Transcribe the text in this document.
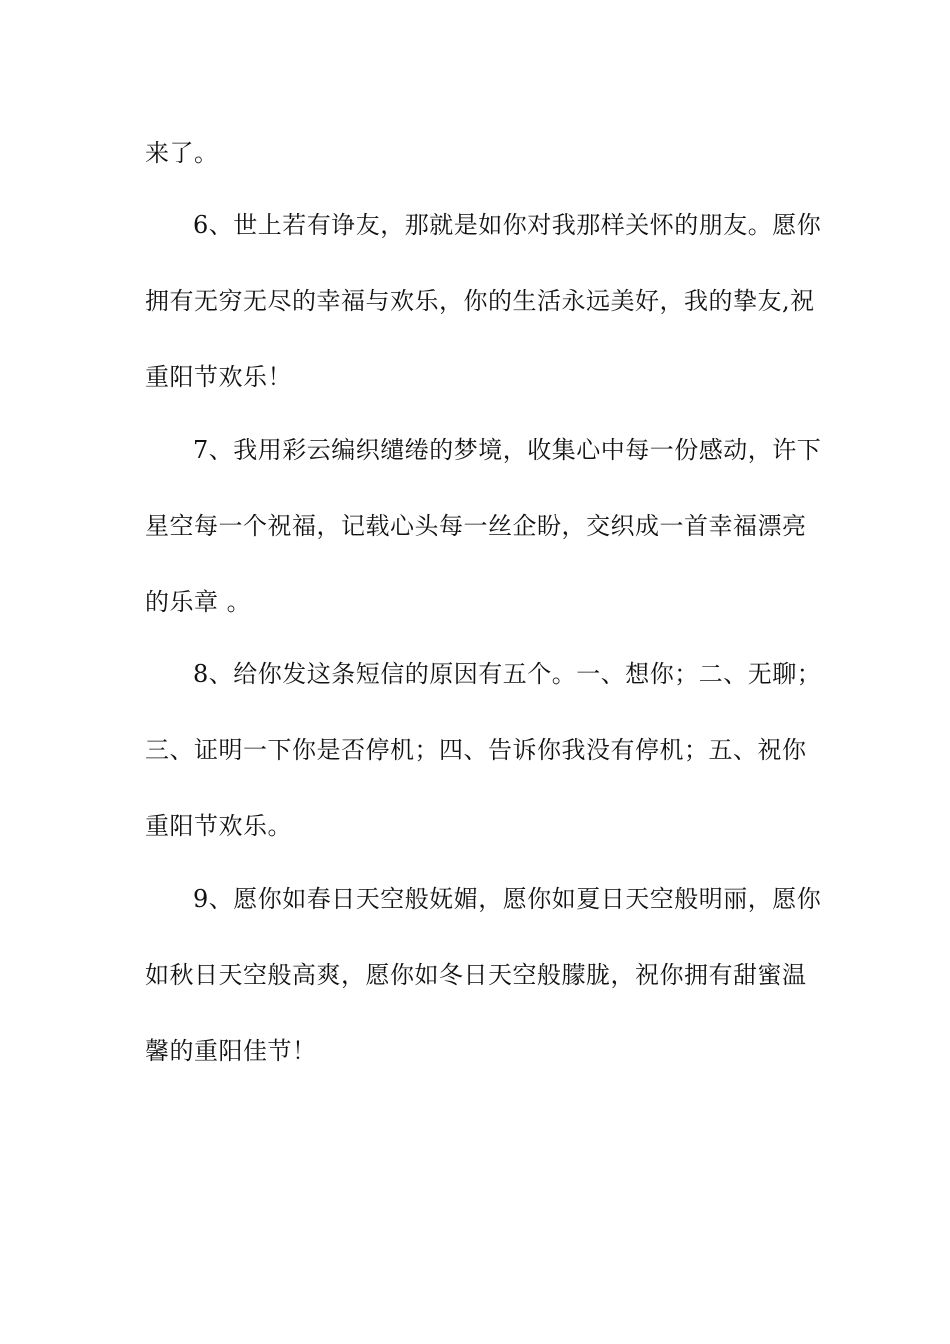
来了。
6、世上若有诤友，那就是如你对我那样关怀的朋友。愿你
拥有无穷无尽的幸福与欢乐，你的生活永远美好，我的挚友,祝
重阳节欢乐！
7、我用彩云编织缱绻的梦境，收集心中每一份感动，许下
星空每一个祝福，记载心头每一丝企盼，交织成一首幸福漂亮
的乐章 。
8、给你发这条短信的原因有五个。一、想你；二、无聊；
三、证明一下你是否停机；四、告诉你我没有停机；五、祝你
重阳节欢乐。
9、愿你如春日天空般妩媚，愿你如夏日天空般明丽，愿你
如秋日天空般高爽，愿你如冬日天空般朦胧，祝你拥有甜蜜温
馨的重阳佳节！
